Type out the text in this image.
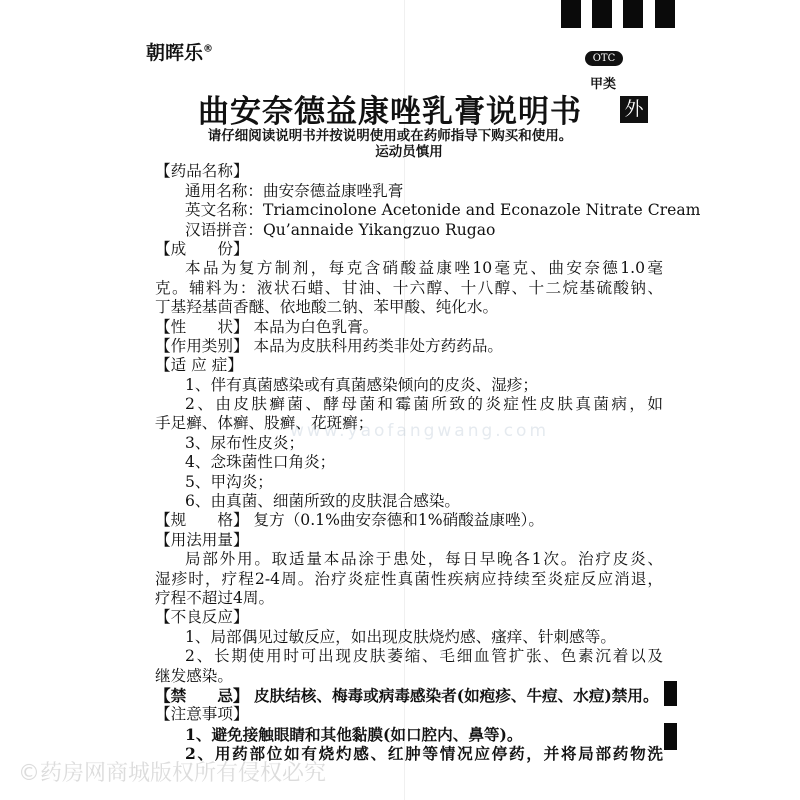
朝晖乐®
OTC
甲类
外
曲安奈德益康唑乳膏说明书
请仔细阅读说明书并按说明使用或在药师指导下购买和使用。
运动员慎用
【药品名称】
通用名称：曲安奈德益康唑乳膏
英文名称：Triamcinolone Acetonide and Econazole Nitrate Cream
汉语拼音：Qu’annaide Yikangzuo Rugao
【成　　份】
本品为复方制剂，每克含硝酸益康唑10毫克、曲安奈德1.0毫
克。辅料为：液状石蜡、甘油、十六醇、十八醇、十二烷基硫酸钠、
丁基羟基茴香醚、依地酸二钠、苯甲酸、纯化水。
【性　　状】 本品为白色乳膏。
【作用类别】 本品为皮肤科用药类非处方药药品。
【适 应 症】
1、伴有真菌感染或有真菌感染倾向的皮炎、湿疹；
2、由皮肤癣菌、酵母菌和霉菌所致的炎症性皮肤真菌病，如
手足癣、体癣、股癣、花斑癣；
3、尿布性皮炎；
4、念珠菌性口角炎；
5、甲沟炎；
6、由真菌、细菌所致的皮肤混合感染。
【规　　格】 复方（0.1%曲安奈德和1%硝酸益康唑）。
【用法用量】
局部外用。取适量本品涂于患处，每日早晚各1次。治疗皮炎、
湿疹时，疗程2-4周。治疗炎症性真菌性疾病应持续至炎症反应消退，
疗程不超过4周。
【不良反应】
1、局部偶见过敏反应，如出现皮肤烧灼感、瘙痒、针刺感等。
2、长期使用时可出现皮肤萎缩、毛细血管扩张、色素沉着以及
继发感染。
【禁　　忌】 皮肤结核、梅毒或病毒感染者(如疱疹、牛痘、水痘)禁用。
【注意事项】
1、避免接触眼睛和其他黏膜(如口腔内、鼻等)。
2、用药部位如有烧灼感、红肿等情况应停药，并将局部药物洗
www.yaofangwang.com
©药房网商城版权所有侵权必究
